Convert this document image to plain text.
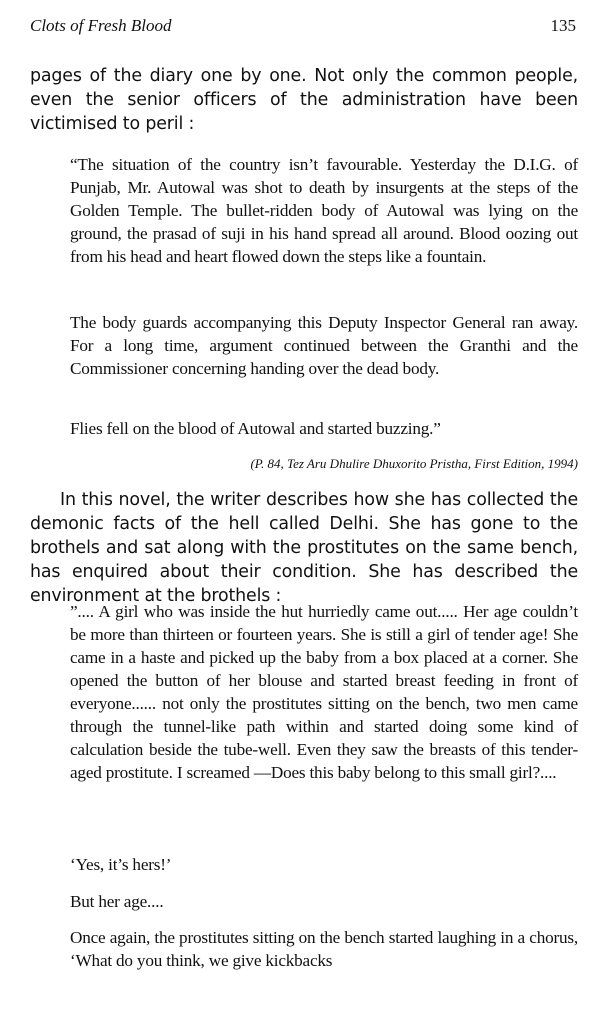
Clots of Fresh Blood	135

pages of the diary one by one. Not only the common people, even the senior officers of the administration have been victimised to peril :

“The situation of the country isn’t favourable. Yesterday the D.I.G. of Punjab, Mr. Autowal was shot to death by insurgents at the steps of the Golden Temple. The bullet-ridden body of Autowal was lying on the ground, the prasad of suji in his hand spread all around. Blood oozing out from his head and heart flowed down the steps like a fountain.

The body guards accompanying this Deputy Inspector General ran away. For a long time, argument continued between the Granthi and the Commissioner concerning handing over the dead body.

Flies fell on the blood of Autowal and started buzzing.”

(P. 84, Tez Aru Dhulire Dhuxorito Pristha, First Edition, 1994)

In this novel, the writer describes how she has collected the demonic facts of the hell called Delhi. She has gone to the brothels and sat along with the prostitutes on the same bench, has enquired about their condition. She has described the environment at the brothels :

”.... A girl who was inside the hut hurriedly came out..... Her age couldn’t be more than thirteen or fourteen years. She is still a girl of tender age! She came in a haste and picked up the baby from a box placed at a corner. She opened the button of her blouse and started breast feeding in front of everyone...... not only the prostitutes sitting on the bench, two men came through the tunnel-like path within and started doing some kind of calculation beside the tube-well. Even they saw the breasts of this tender-aged prostitute. I screamed —Does this baby belong to this small girl?....

‘Yes, it’s hers!’

But her age....

Once again, the prostitutes sitting on the bench started laughing in a chorus, ‘What do you think, we give kickbacks
